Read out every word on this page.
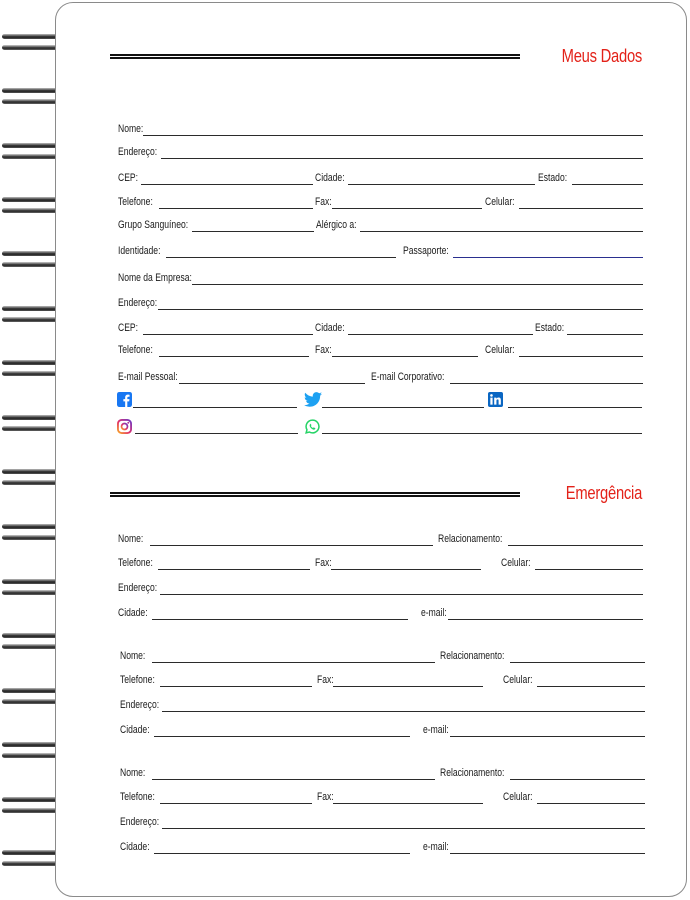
Meus Dados
Nome:
Endereço:
CEP:	Cidade:	Estado:
Telefone:	Fax:	Celular:
Grupo Sanguíneo:	Alérgico a:
Identidade:	Passaporte:
Nome da Empresa:
Endereço:
CEP:	Cidade:	Estado:
Telefone:	Fax:	Celular:
E-mail Pessoal:	E-mail Corporativo:
Emergência
Nome:	Relacionamento:
Telefone:	Fax:	Celular:
Endereço:
Cidade:	e-mail:
Nome:	Relacionamento:
Telefone:	Fax:	Celular:
Endereço:
Cidade:	e-mail:
Nome:	Relacionamento:
Telefone:	Fax:	Celular:
Endereço:
Cidade:	e-mail:
